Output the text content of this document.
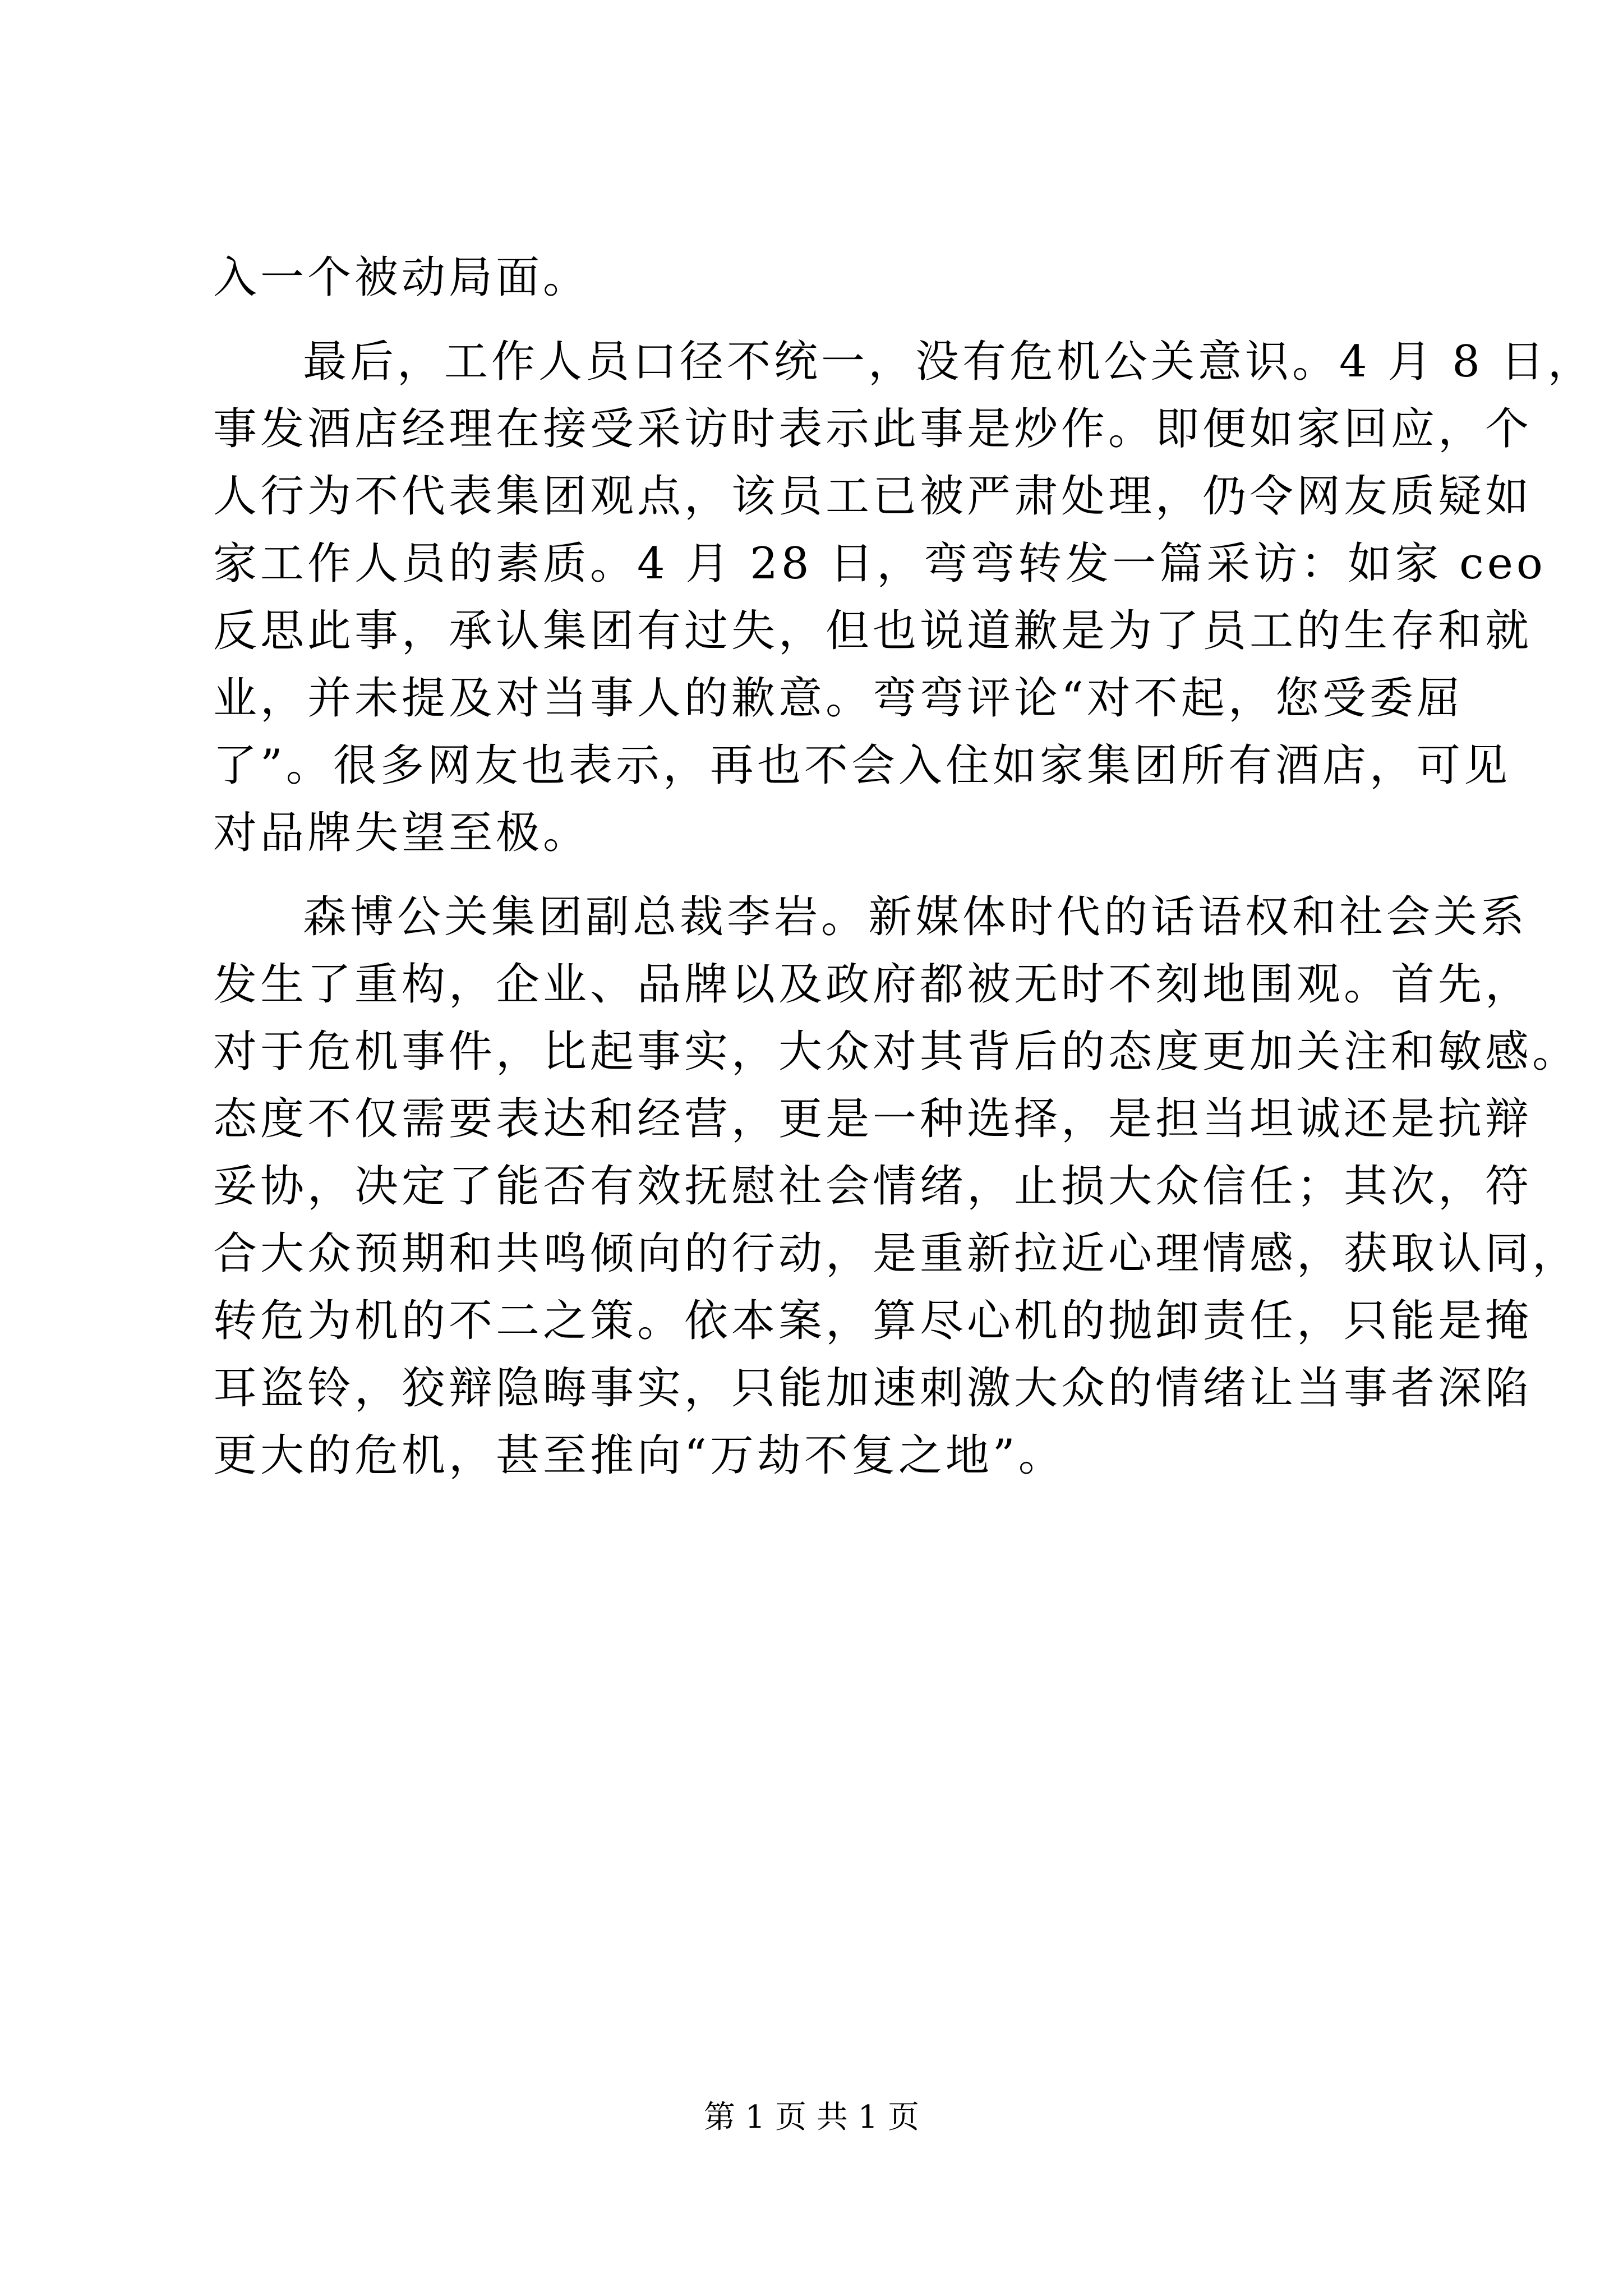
入一个被动局面。
最后，工作人员口径不统一，没有危机公关意识。4 月 8 日，
事发酒店经理在接受采访时表示此事是炒作。即便如家回应，个
人行为不代表集团观点，该员工已被严肃处理，仍令网友质疑如
家工作人员的素质。4 月 28 日，弯弯转发一篇采访：如家 ceo
反思此事，承认集团有过失，但也说道歉是为了员工的生存和就
业，并未提及对当事人的歉意。弯弯评论“对不起，您受委屈
了”。很多网友也表示，再也不会入住如家集团所有酒店，可见
对品牌失望至极。
森博公关集团副总裁李岩。新媒体时代的话语权和社会关系
发生了重构，企业、品牌以及政府都被无时不刻地围观。首先，
对于危机事件，比起事实，大众对其背后的态度更加关注和敏感。
态度不仅需要表达和经营，更是一种选择，是担当坦诚还是抗辩
妥协，决定了能否有效抚慰社会情绪，止损大众信任；其次，符
合大众预期和共鸣倾向的行动，是重新拉近心理情感，获取认同，
转危为机的不二之策。依本案，算尽心机的抛卸责任，只能是掩
耳盗铃，狡辩隐晦事实，只能加速刺激大众的情绪让当事者深陷
更大的危机，甚至推向“万劫不复之地”。
第 1 页 共 1 页
